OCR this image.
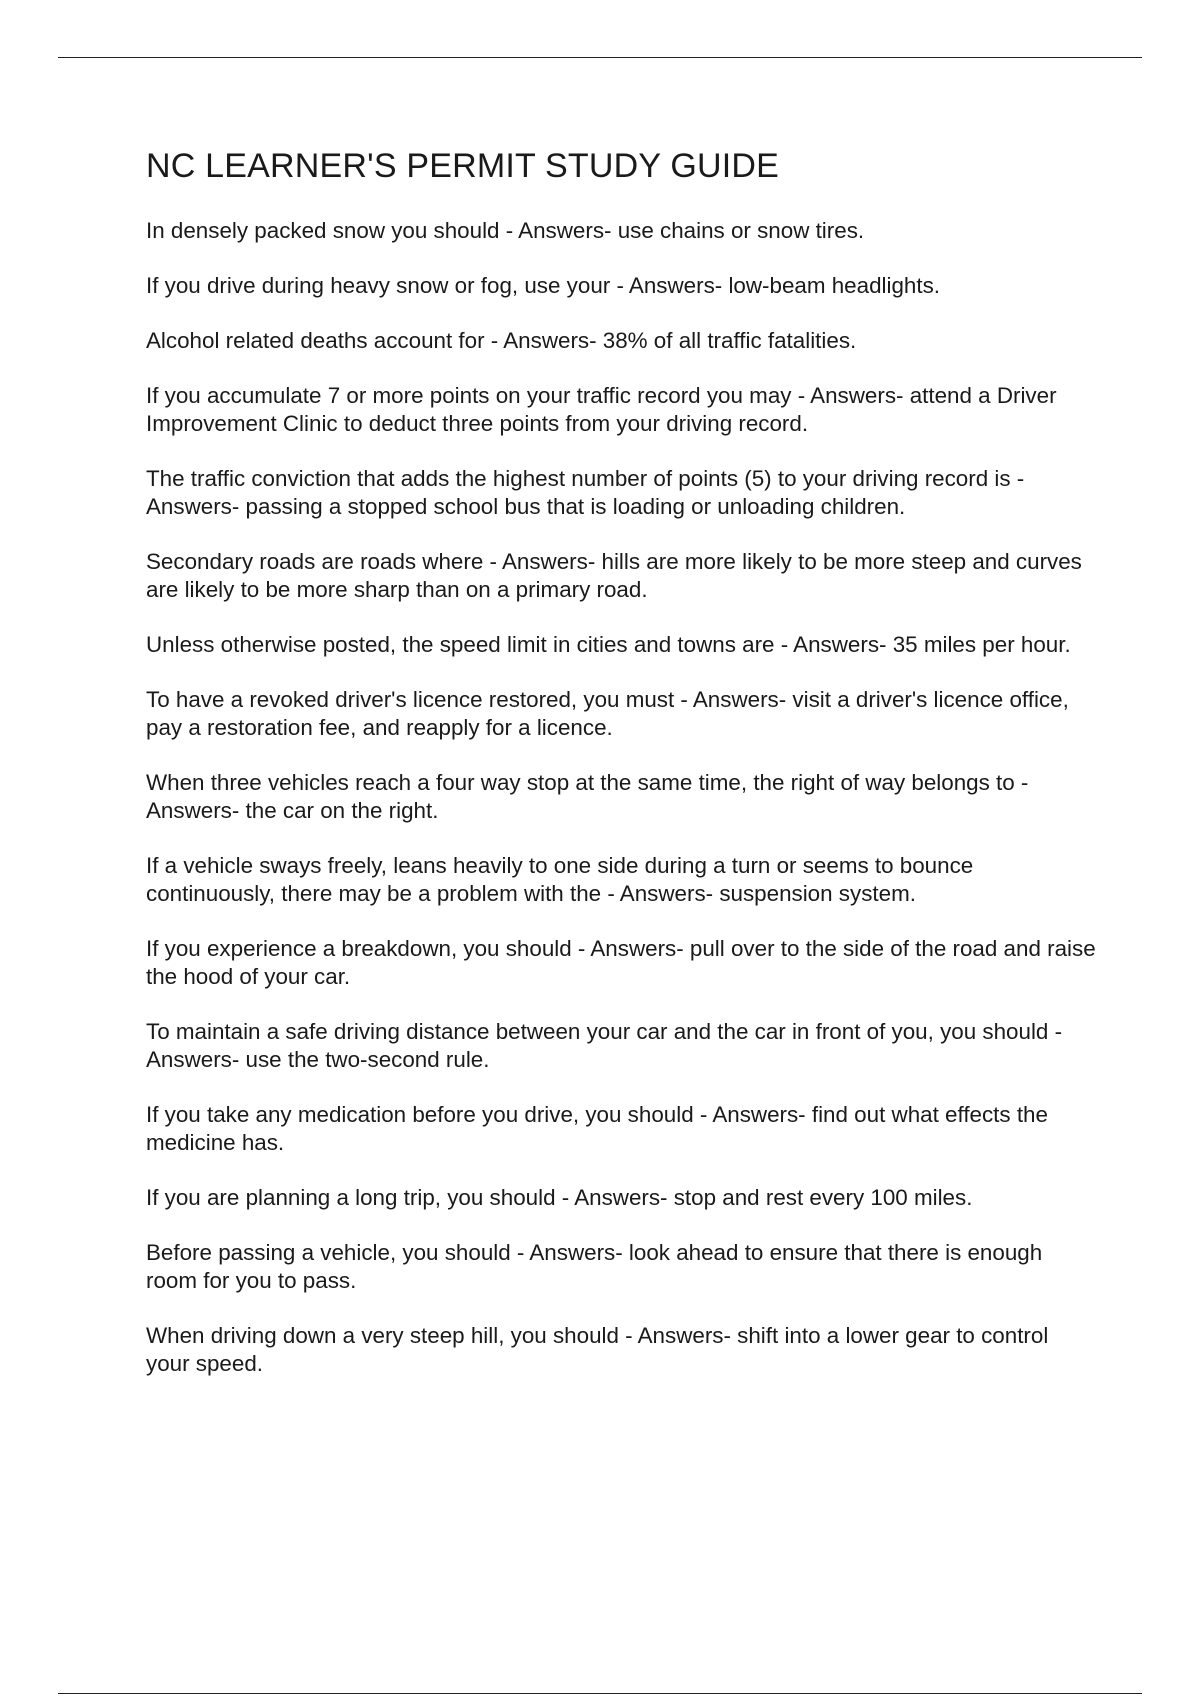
NC LEARNER'S PERMIT STUDY GUIDE
In densely packed snow you should - Answers- use chains or snow tires.
If you drive during heavy snow or fog, use your - Answers- low-beam headlights.
Alcohol related deaths account for - Answers- 38% of all traffic fatalities.
If you accumulate 7 or more points on your traffic record you may - Answers- attend a Driver Improvement Clinic to deduct three points from your driving record.
The traffic conviction that adds the highest number of points (5) to your driving record is - Answers- passing a stopped school bus that is loading or unloading children.
Secondary roads are roads where - Answers- hills are more likely to be more steep and curves are likely to be more sharp than on a primary road.
Unless otherwise posted, the speed limit in cities and towns are - Answers- 35 miles per hour.
To have a revoked driver's licence restored, you must - Answers- visit a driver's licence office, pay a restoration fee, and reapply for a licence.
When three vehicles reach a four way stop at the same time, the right of way belongs to - Answers- the car on the right.
If a vehicle sways freely, leans heavily to one side during a turn or seems to bounce continuously, there may be a problem with the - Answers- suspension system.
If you experience a breakdown, you should - Answers- pull over to the side of the road and raise the hood of your car.
To maintain a safe driving distance between your car and the car in front of you, you should - Answers- use the two-second rule.
If you take any medication before you drive, you should - Answers- find out what effects the medicine has.
If you are planning a long trip, you should - Answers- stop and rest every 100 miles.
Before passing a vehicle, you should - Answers- look ahead to ensure that there is enough room for you to pass.
When driving down a very steep hill, you should - Answers- shift into a lower gear to control your speed.
